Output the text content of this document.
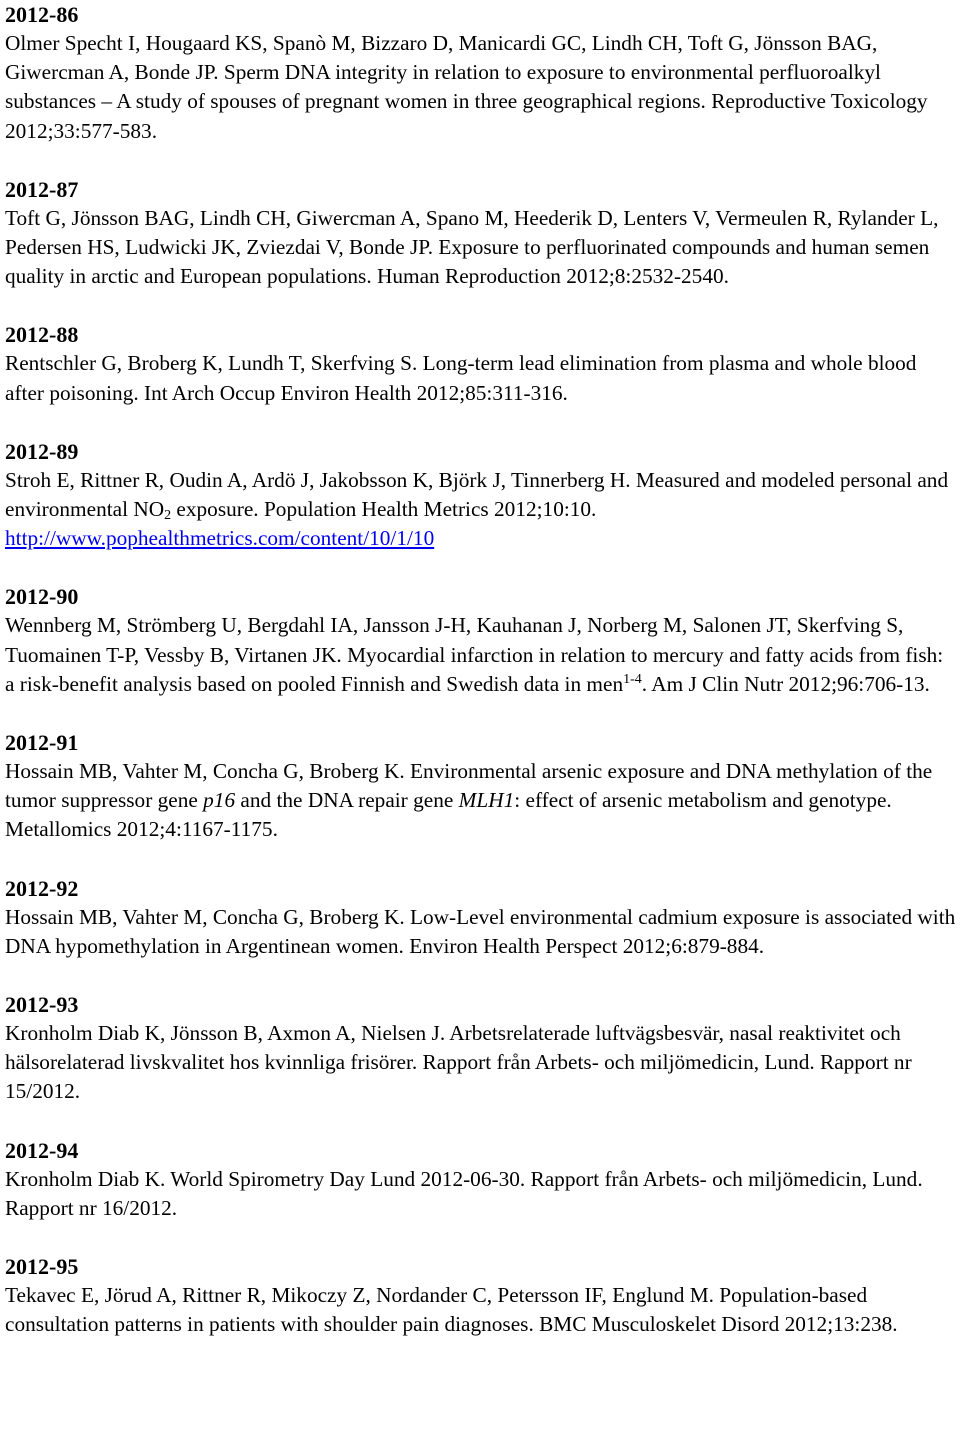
2012-86

Olmer Specht I, Hougaard KS, Spanò M, Bizzaro D, Manicardi GC, Lindh CH, Toft G, Jönsson BAG, Giwercman A, Bonde JP. Sperm DNA integrity in relation to exposure to environmental perfluoroalkyl substances – A study of spouses of pregnant women in three geographical regions. Reproductive Toxicology 2012;33:577-583.

2012-87

Toft G, Jönsson BAG, Lindh CH, Giwercman A, Spano M, Heederik D, Lenters V, Vermeulen R, Rylander L, Pedersen HS, Ludwicki JK, Zviezdai V, Bonde JP. Exposure to perfluorinated compounds and human semen quality in arctic and European populations. Human Reproduction 2012;8:2532-2540.

2012-88

Rentschler G, Broberg K, Lundh T, Skerfving S. Long-term lead elimination from plasma and whole blood after poisoning. Int Arch Occup Environ Health 2012;85:311-316.

2012-89

Stroh E, Rittner R, Oudin A, Ardö J, Jakobsson K, Björk J, Tinnerberg H. Measured and modeled personal and environmental $NO_2$ exposure. Population Health Metrics 2012;10:10.
http://www.pophealthmetrics.com/content/10/1/10

2012-90

Wennberg M, Strömberg U, Bergdahl IA, Jansson J-H, Kauhanan J, Norberg M, Salonen JT, Skerfving S, Tuomainen T-P, Vessby B, Virtanen JK. Myocardial infarction in relation to mercury and fatty acids from fish: a risk-benefit analysis based on pooled Finnish and Swedish data in men$^{1-4}$. Am J Clin Nutr 2012;96:706-13.

2012-91

Hossain MB, Vahter M, Concha G, Broberg K. Environmental arsenic exposure and DNA methylation of the tumor suppressor gene p16 and the DNA repair gene MLH1: effect of arsenic metabolism and genotype. Metallomics 2012;4:1167-1175.

2012-92

Hossain MB, Vahter M, Concha G, Broberg K. Low-Level environmental cadmium exposure is associated with DNA hypomethylation in Argentinean women. Environ Health Perspect 2012;6:879-884.

2012-93

Kronholm Diab K, Jönsson B, Axmon A, Nielsen J. Arbetsrelaterade luftvägsbesvär, nasal reaktivitet och hälsorelaterad livskvalitet hos kvinnliga frisörer. Rapport från Arbets- och miljömedicin, Lund. Rapport nr 15/2012.

2012-94

Kronholm Diab K. World Spirometry Day Lund 2012-06-30. Rapport från Arbets- och miljömedicin, Lund. Rapport nr 16/2012.

2012-95

Tekavec E, Jörud A, Rittner R, Mikoczy Z, Nordander C, Petersson IF, Englund M. Population-based consultation patterns in patients with shoulder pain diagnoses. BMC Musculoskelet Disord 2012;13:238.
